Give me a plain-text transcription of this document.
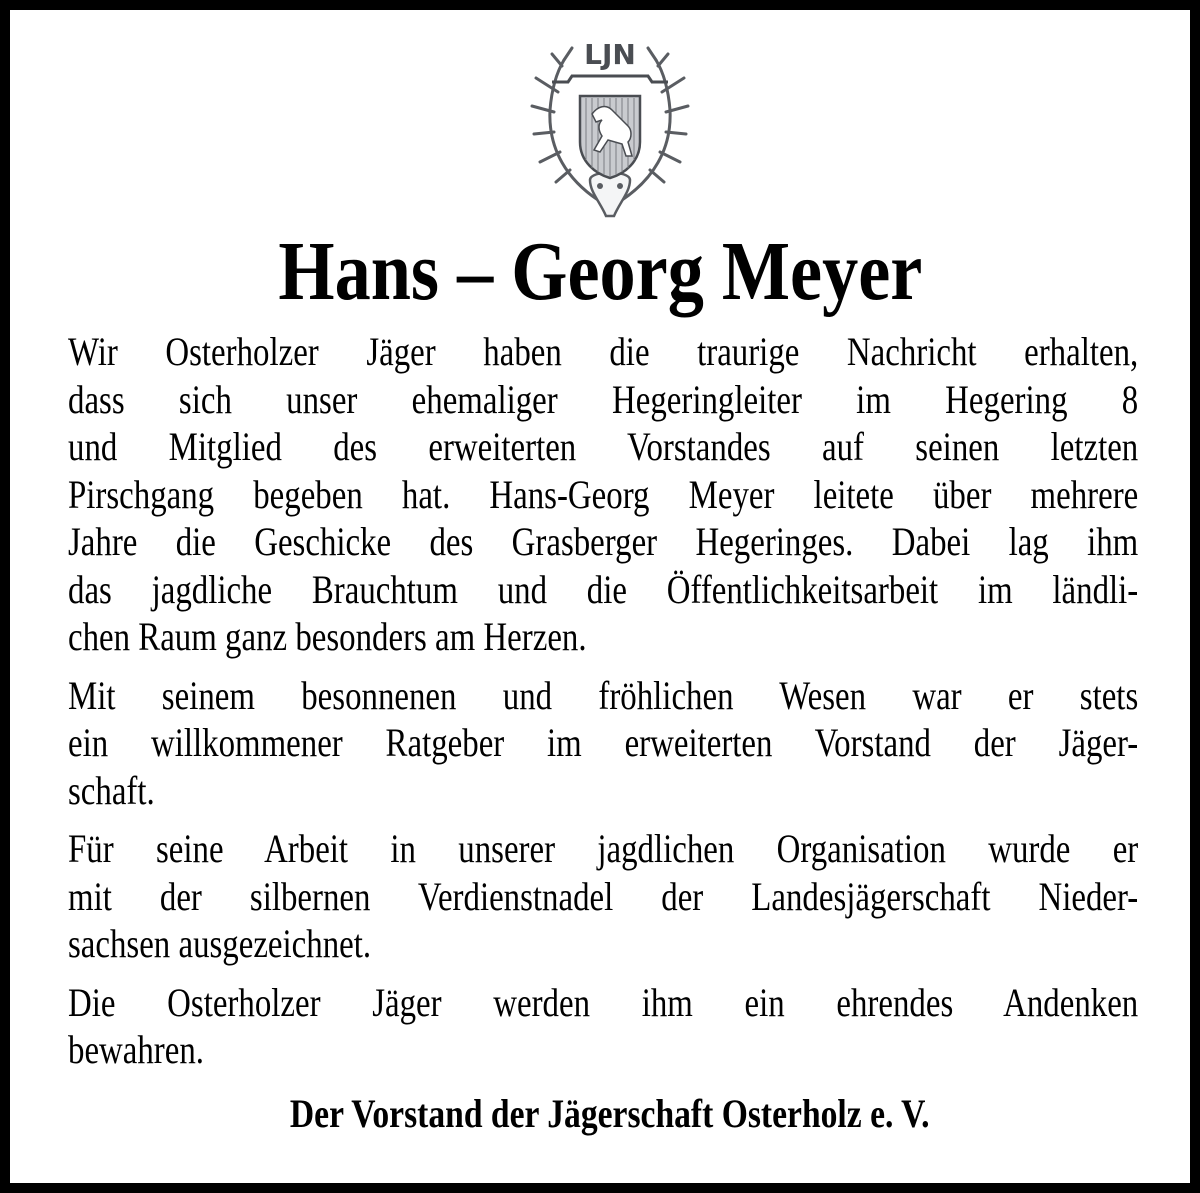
LJN
Hans – Georg Meyer

Wir Osterholzer Jäger haben die traurige Nachricht erhalten,
dass sich unser ehemaliger Hegeringleiter im Hegering 8
und Mitglied des erweiterten Vorstandes auf seinen letzten
Pirschgang begeben hat. Hans-Georg Meyer leitete über mehrere
Jahre die Geschicke des Grasberger Hegeringes. Dabei lag ihm
das jagdliche Brauchtum und die Öffentlichkeitsarbeit im ländli-
chen Raum ganz besonders am Herzen.

Mit seinem besonnenen und fröhlichen Wesen war er stets
ein willkommener Ratgeber im erweiterten Vorstand der Jäger-
schaft.

Für seine Arbeit in unserer jagdlichen Organisation wurde er
mit der silbernen Verdienstnadel der Landesjägerschaft Nieder-
sachsen ausgezeichnet.

Die Osterholzer Jäger werden ihm ein ehrendes Andenken
bewahren.

Der Vorstand der Jägerschaft Osterholz e. V.
